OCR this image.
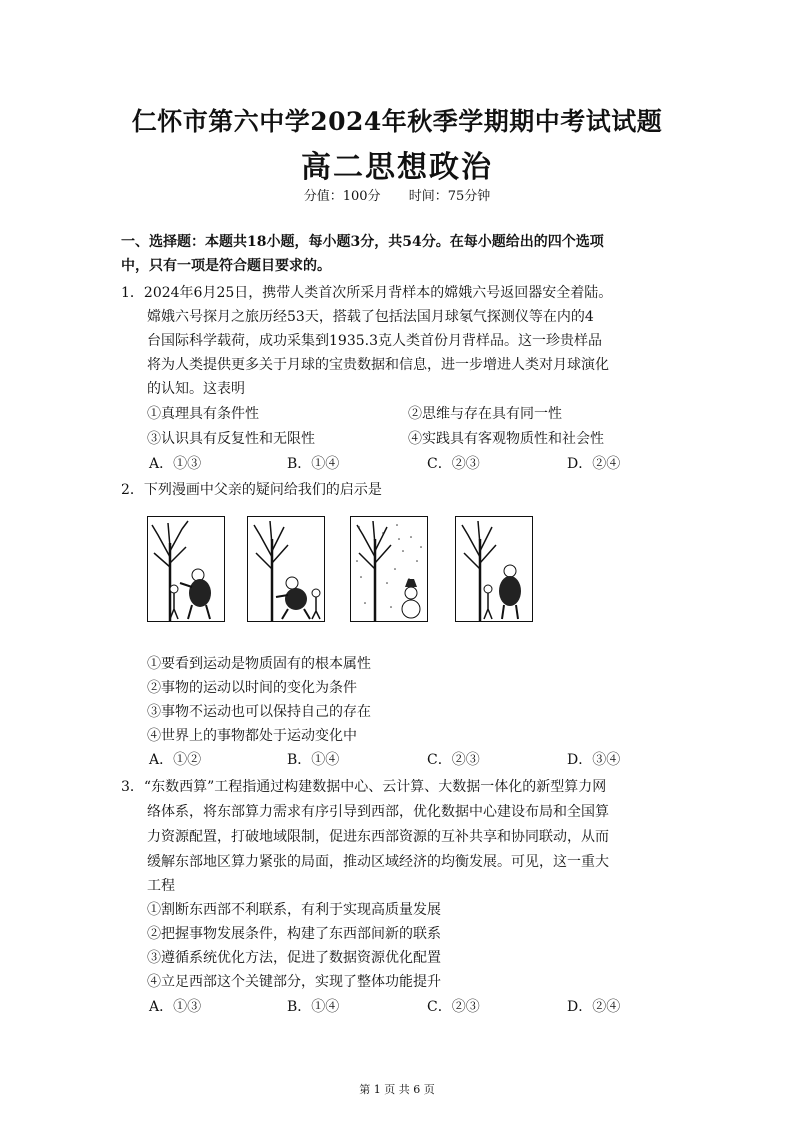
仁怀市第六中学2024年秋季学期期中考试试题
高二思想政治
分值：100分 时间：75分钟
一、选择题：本题共18小题，每小题3分，共54分。在每小题给出的四个选项
中，只有一项是符合题目要求的。
1．2024年6月25日，携带人类首次所采月背样本的嫦娥六号返回器安全着陆。
嫦娥六号探月之旅历经53天，搭载了包括法国月球氡气探测仪等在内的4
台国际科学载荷，成功采集到1935.3克人类首份月背样品。这一珍贵样品
将为人类提供更多关于月球的宝贵数据和信息，进一步增进人类对月球演化
的认知。这表明
①真理具有条件性	②思维与存在具有同一性
③认识具有反复性和无限性	④实践具有客观物质性和社会性
A．①③	B．①④	C．②③	D．②④
2．下列漫画中父亲的疑问给我们的启示是
①要看到运动是物质固有的根本属性
②事物的运动以时间的变化为条件
③事物不运动也可以保持自己的存在
④世界上的事物都处于运动变化中
A．①②	B．①④	C．②③	D．③④
3．“东数西算”工程指通过构建数据中心、云计算、大数据一体化的新型算力网
络体系，将东部算力需求有序引导到西部，优化数据中心建设布局和全国算
力资源配置，打破地域限制，促进东西部资源的互补共享和协同联动，从而
缓解东部地区算力紧张的局面，推动区域经济的均衡发展。可见，这一重大
工程
①割断东西部不利联系，有利于实现高质量发展
②把握事物发展条件，构建了东西部间新的联系
③遵循系统优化方法，促进了数据资源优化配置
④立足西部这个关键部分，实现了整体功能提升
A．①③	B．①④	C．②③	D．②④
第 1 页 共 6 页
